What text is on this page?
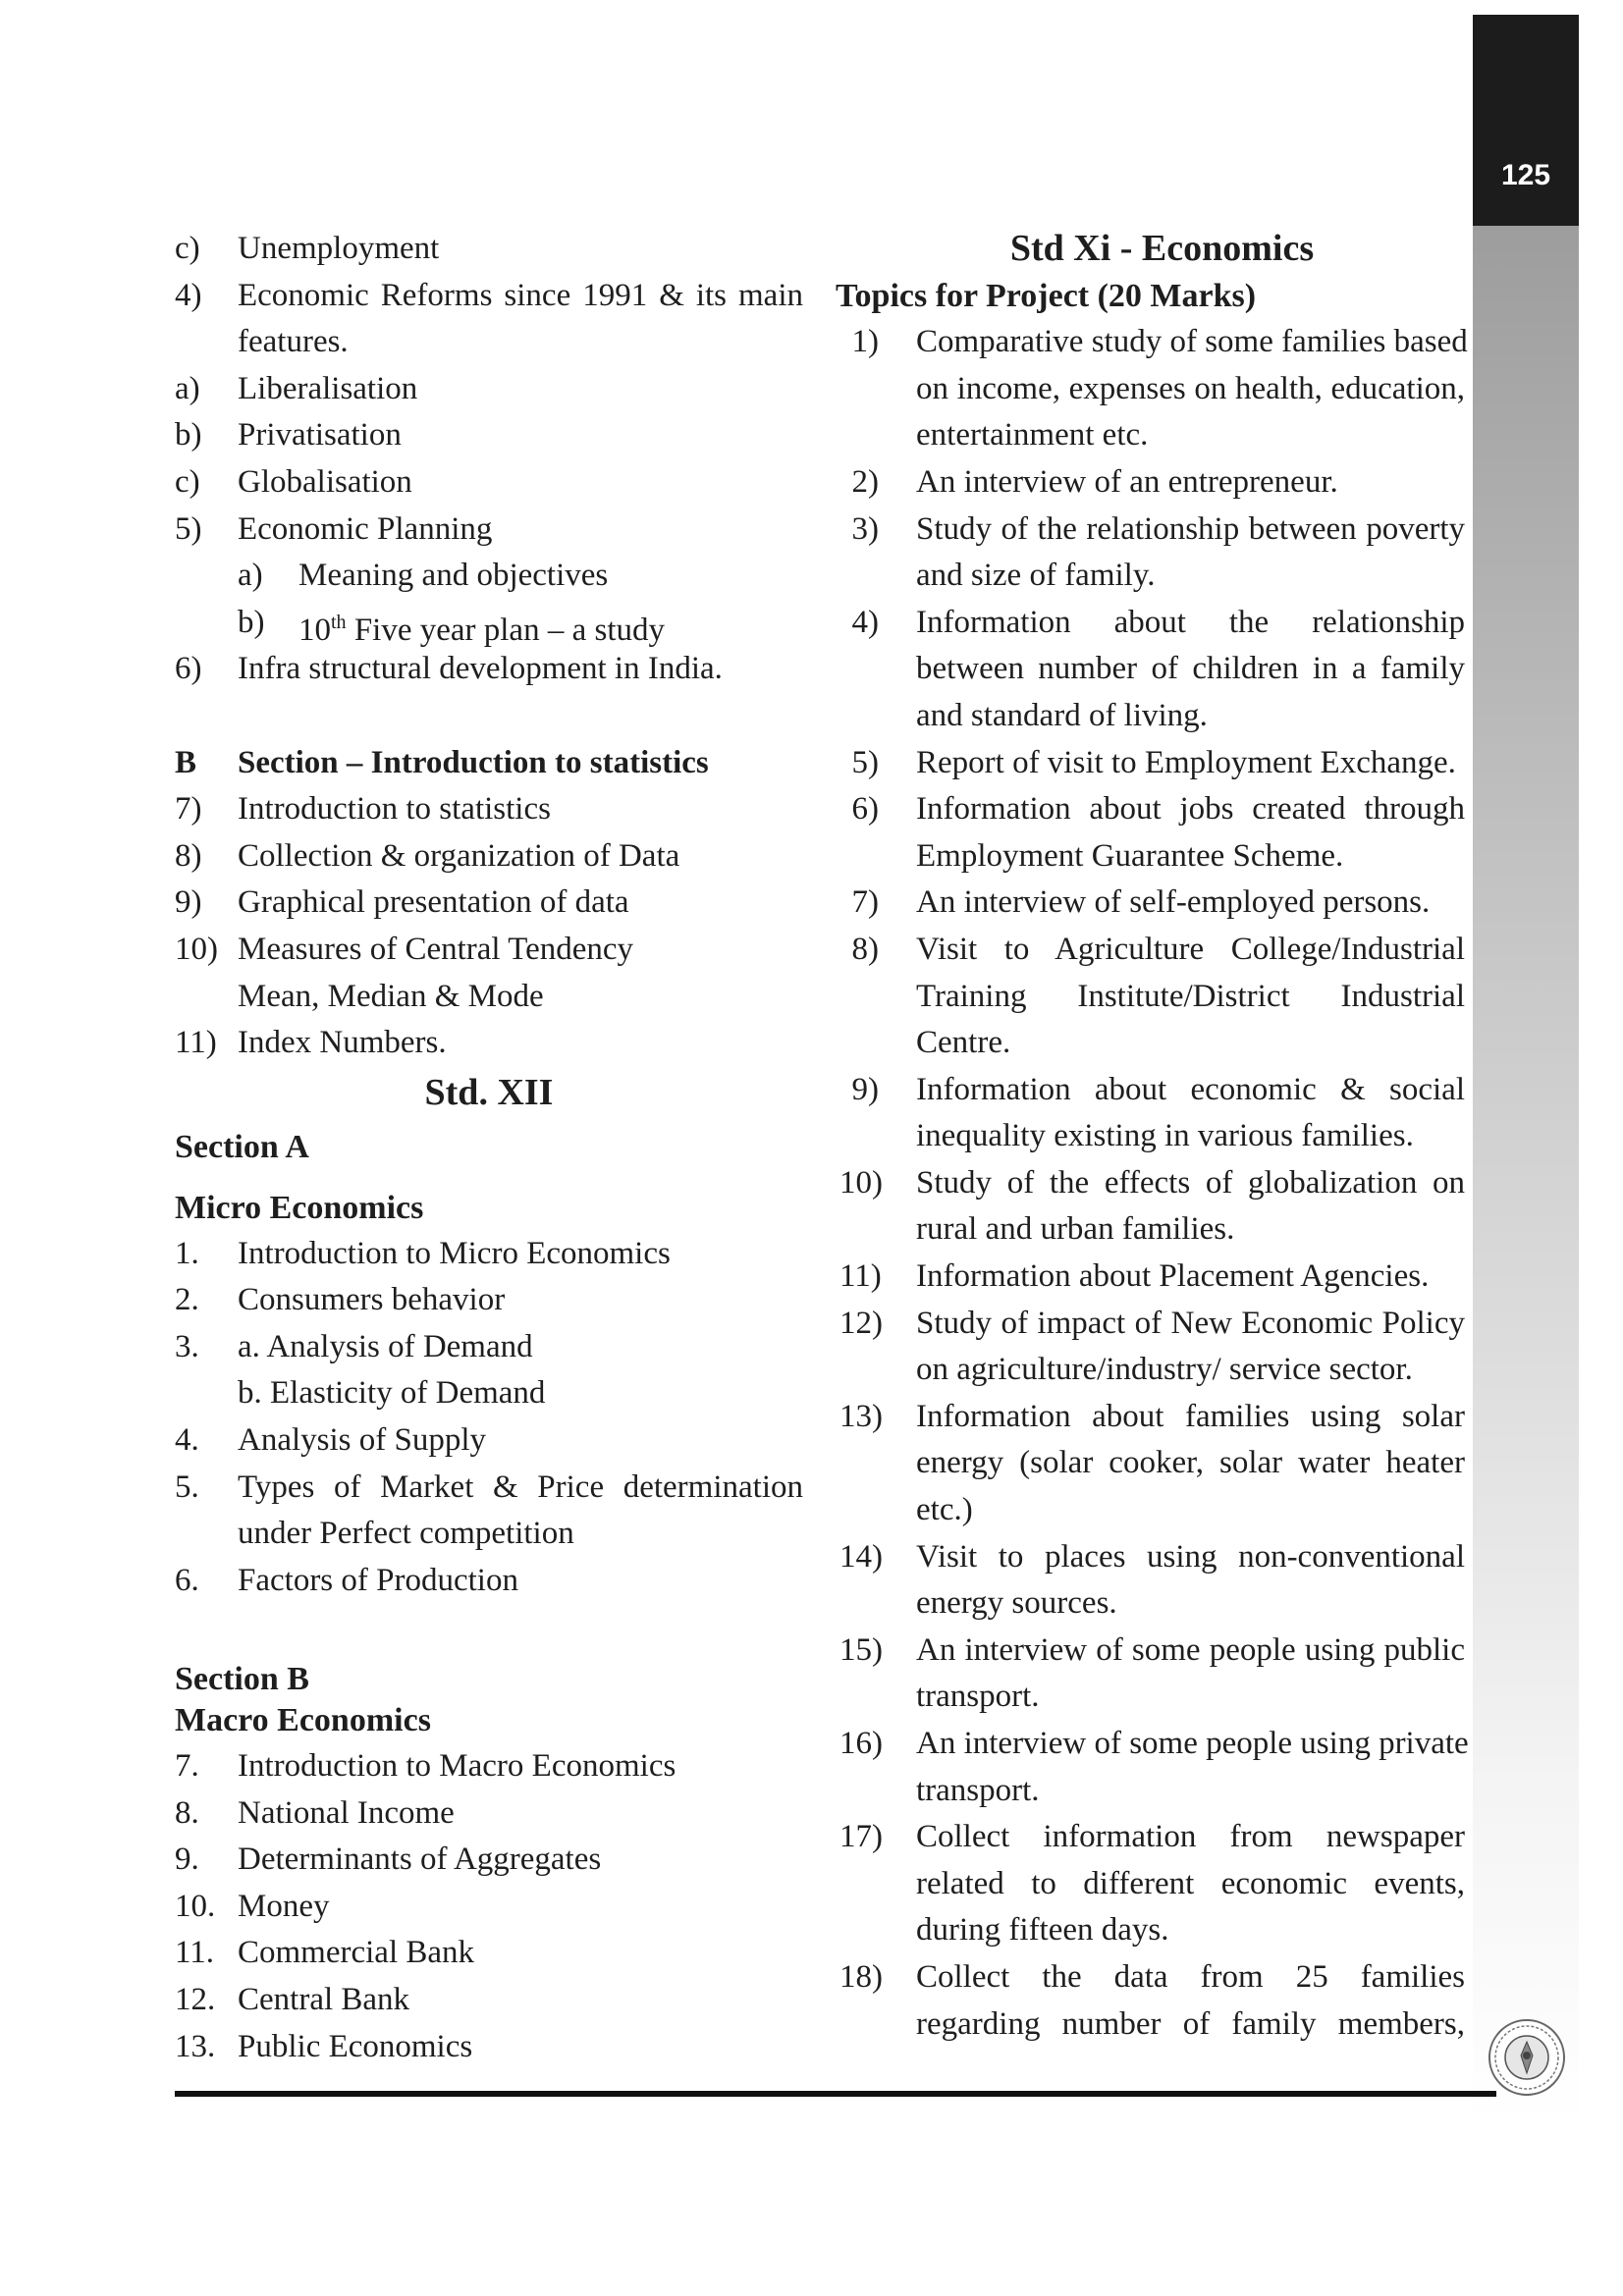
125
c) Unemployment
4) Economic Reforms since 1991 & its main
features.
a) Liberalisation
b) Privatisation
c) Globalisation
5) Economic Planning
a) Meaning and objectives
b) 10th Five year plan – a study
6) Infra structural development in India.
B Section – Introduction to statistics
7) Introduction to statistics
8) Collection & organization of Data
9) Graphical presentation of data
10) Measures of Central Tendency
Mean, Median & Mode
11) Index Numbers.
Std. XII
Section A
Micro Economics
1. Introduction to Micro Economics
2. Consumers behavior
3. a. Analysis of Demand
b. Elasticity of Demand
4. Analysis of Supply
5. Types of Market & Price determination
under Perfect competition
6. Factors of Production
Section B
Macro Economics
7. Introduction to Macro Economics
8. National Income
9. Determinants of Aggregates
10. Money
11. Commercial Bank
12. Central Bank
13. Public Economics
Std Xi - Economics
Topics for Project (20 Marks)
1) Comparative study of some families based
on income, expenses on health, education,
entertainment etc.
2) An interview of an entrepreneur.
3) Study of the relationship between poverty
and size of family.
4) Information about the relationship
between number of children in a family
and standard of living.
5) Report of visit to Employment Exchange.
6) Information about jobs created through
Employment Guarantee Scheme.
7) An interview of self-employed persons.
8) Visit to Agriculture College/Industrial
Training Institute/District Industrial
Centre.
9) Information about economic & social
inequality existing in various families.
10) Study of the effects of globalization on
rural and urban families.
11) Information about Placement Agencies.
12) Study of impact of New Economic Policy
on agriculture/industry/ service sector.
13) Information about families using solar
energy (solar cooker, solar water heater
etc.)
14) Visit to places using non-conventional
energy sources.
15) An interview of some people using public
transport.
16) An interview of some people using private
transport.
17) Collect information from newspaper
related to different economic events,
during fifteen days.
18) Collect the data from 25 families
regarding number of family members,
